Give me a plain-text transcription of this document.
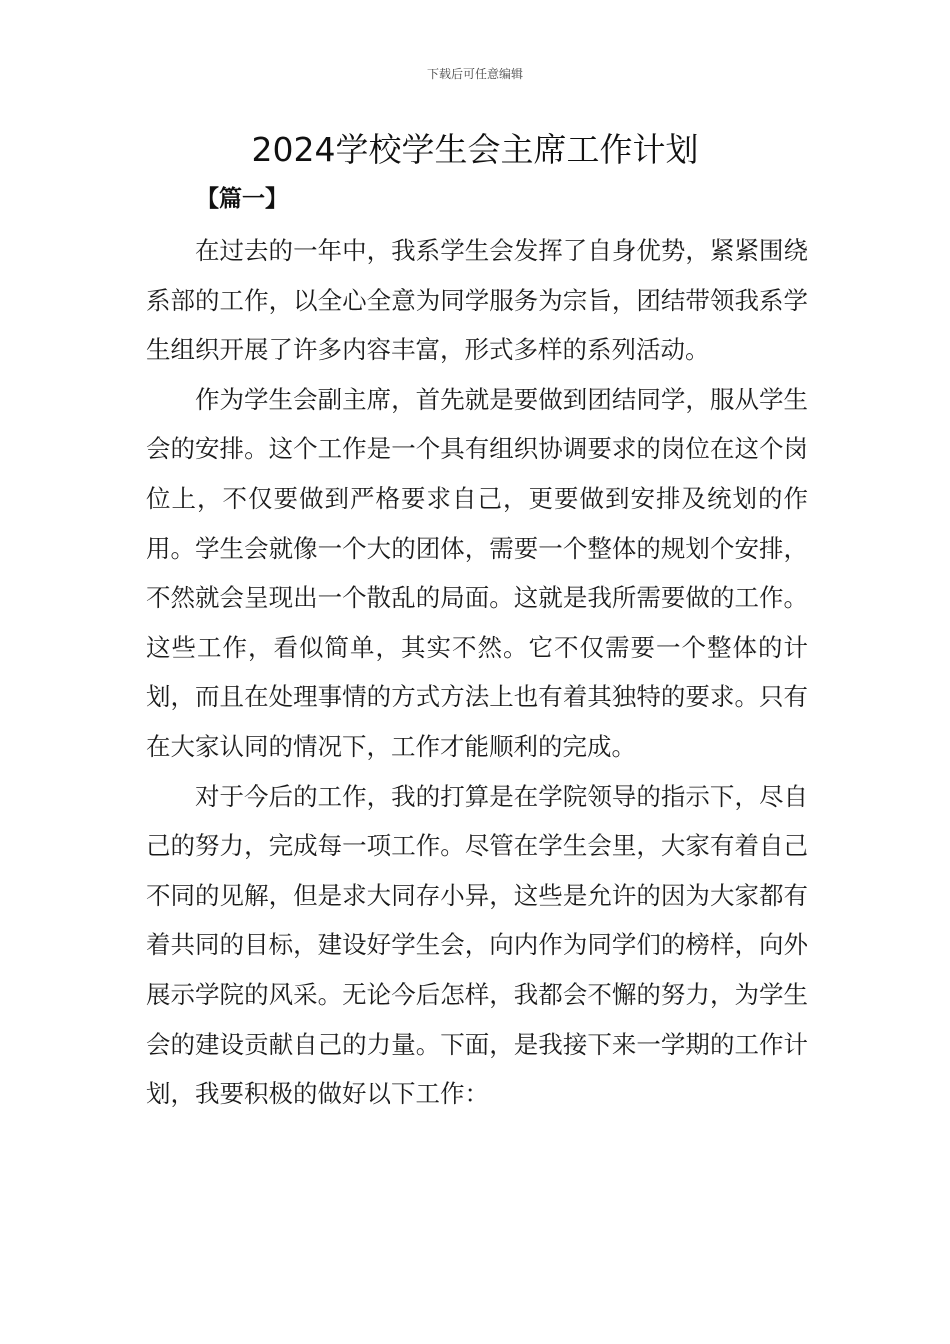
下载后可任意编辑
2024学校学生会主席工作计划
【篇一】

在过去的一年中，我系学生会发挥了自身优势，紧紧围绕系部的工作，以全心全意为同学服务为宗旨，团结带领我系学生组织开展了许多内容丰富，形式多样的系列活动。

作为学生会副主席，首先就是要做到团结同学，服从学生会的安排。这个工作是一个具有组织协调要求的岗位在这个岗位上，不仅要做到严格要求自己，更要做到安排及统划的作用。学生会就像一个大的团体，需要一个整体的规划个安排，不然就会呈现出一个散乱的局面。这就是我所需要做的工作。这些工作，看似简单，其实不然。它不仅需要一个整体的计划，而且在处理事情的方式方法上也有着其独特的要求。只有在大家认同的情况下，工作才能顺利的完成。

对于今后的工作，我的打算是在学院领导的指示下，尽自己的努力，完成每一项工作。尽管在学生会里，大家有着自己不同的见解，但是求大同存小异，这些是允许的因为大家都有着共同的目标，建设好学生会，向内作为同学们的榜样，向外展示学院的风采。无论今后怎样，我都会不懈的努力，为学生会的建设贡献自己的力量。下面，是我接下来一学期的工作计划，我要积极的做好以下工作：
